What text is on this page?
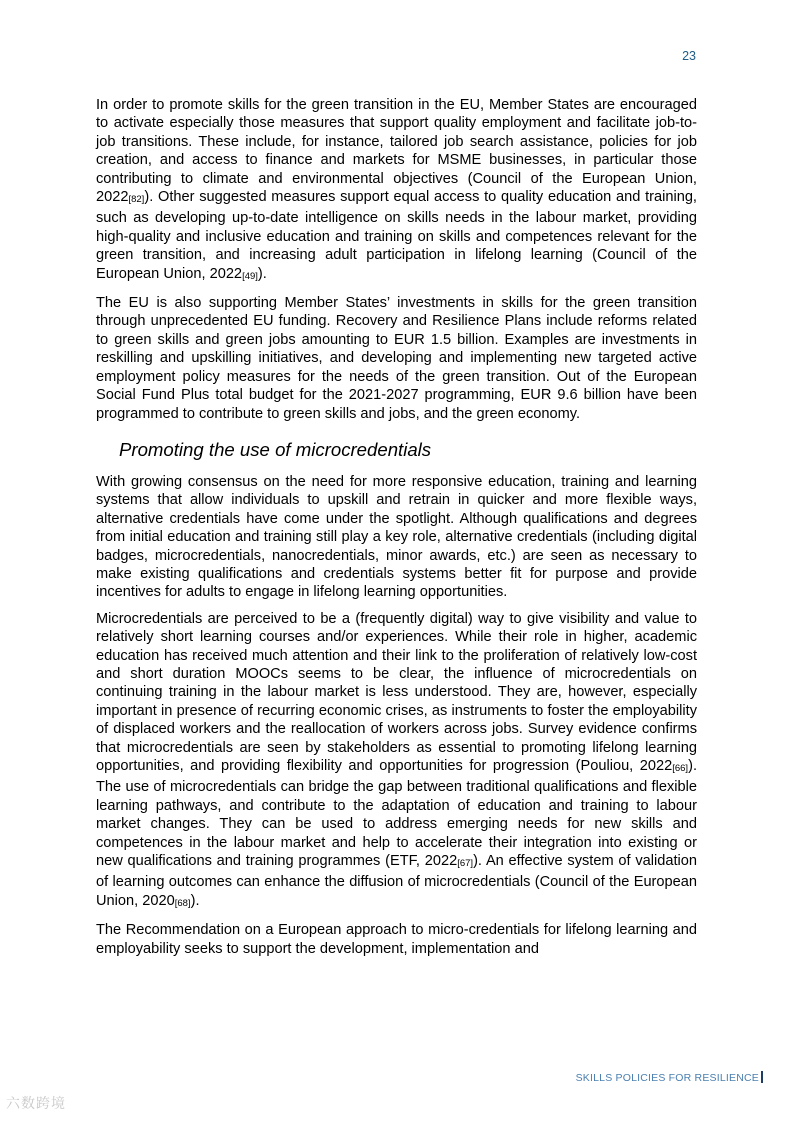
23

In order to promote skills for the green transition in the EU, Member States are encouraged to activate especially those measures that support quality employment and facilitate job-to-job transitions. These include, for instance, tailored job search assistance, policies for job creation, and access to finance and markets for MSME businesses, in particular those contributing to climate and environmental objectives (Council of the European Union, 2022[82]). Other suggested measures support equal access to quality education and training, such as developing up-to-date intelligence on skills needs in the labour market, providing high-quality and inclusive education and training on skills and competences relevant for the green transition, and increasing adult participation in lifelong learning (Council of the European Union, 2022[49]).

The EU is also supporting Member States’ investments in skills for the green transition through unprecedented EU funding. Recovery and Resilience Plans include reforms related to green skills and green jobs amounting to EUR 1.5 billion. Examples are investments in reskilling and upskilling initiatives, and developing and implementing new targeted active employment policy measures for the needs of the green transition. Out of the European Social Fund Plus total budget for the 2021-2027 programming, EUR 9.6 billion have been programmed to contribute to green skills and jobs, and the green economy.

Promoting the use of microcredentials

With growing consensus on the need for more responsive education, training and learning systems that allow individuals to upskill and retrain in quicker and more flexible ways, alternative credentials have come under the spotlight. Although qualifications and degrees from initial education and training still play a key role, alternative credentials (including digital badges, microcredentials, nanocredentials, minor awards, etc.) are seen as necessary to make existing qualifications and credentials systems better fit for purpose and provide incentives for adults to engage in lifelong learning opportunities.

Microcredentials are perceived to be a (frequently digital) way to give visibility and value to relatively short learning courses and/or experiences. While their role in higher, academic education has received much attention and their link to the proliferation of relatively low-cost and short duration MOOCs seems to be clear, the influence of microcredentials on continuing training in the labour market is less understood. They are, however, especially important in presence of recurring economic crises, as instruments to foster the employability of displaced workers and the reallocation of workers across jobs. Survey evidence confirms that microcredentials are seen by stakeholders as essential to promoting lifelong learning opportunities, and providing flexibility and opportunities for progression (Pouliou, 2022[66]). The use of microcredentials can bridge the gap between traditional qualifications and flexible learning pathways, and contribute to the adaptation of education and training to labour market changes. They can be used to address emerging needs for new skills and competences in the labour market and help to accelerate their integration into existing or new qualifications and training programmes (ETF, 2022[67]). An effective system of validation of learning outcomes can enhance the diffusion of microcredentials (Council of the European Union, 2020[68]).

The Recommendation on a European approach to micro-credentials for lifelong learning and employability seeks to support the development, implementation and

SKILLS POLICIES FOR RESILIENCE
六数跨境
